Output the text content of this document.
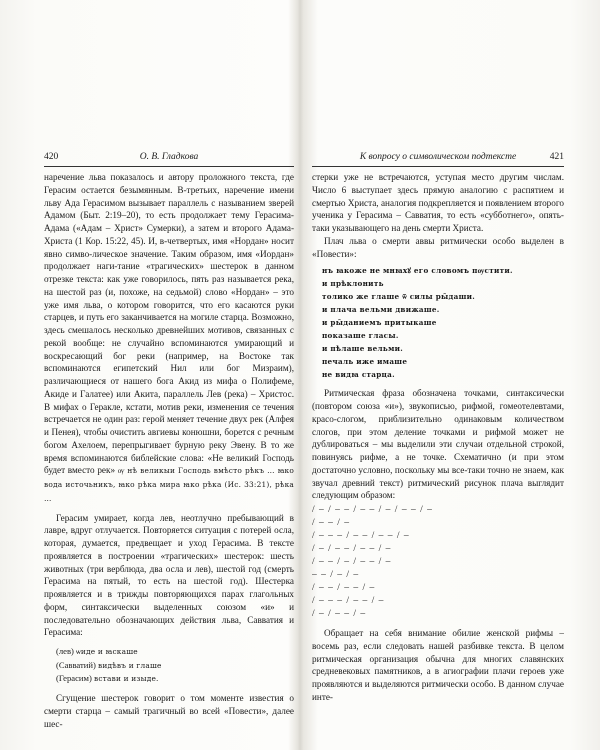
420	О. В. Гладкова

наречение льва показалось и автору проложного текста, где Герасим остается безымянным. В-третьих, наречение имени льву Ада Герасимом вызывает параллель с называнием зверей Адамом (Быт. 2:19–20), то есть продолжает тему Герасима-Адама («Адам – Христ» Сумерки), а затем и второго Адама-Христа (1 Кор. 15:22, 45). И, в-четвертых, имя «Нордан» носит явно симво-лическое значение. Таким образом, имя «Иордан» продолжает наги-тание «трагических» шестерок в данном отрезке текста: как уже говорилось, пять раз называется река, на шестой раз (и, похоже, на седьмой) слово «Нордан» – это уже имя льва, о котором говорится, что его касаются руки старцев, и путь его заканчивается на могиле старца. Возможно, здесь смешалось несколько древнейших мотивов, связанных с рекой вообще: не случайно вспоминаются умирающий и воскресающий бог реки (например, на Востоке так вспоминаются египетский Нил или бог Мизраим), различающиеся от нашего бога Акид из мифа о Полифеме, Акиде и Галатее) или Акита, параллель Лев (река) – Христос. В мифах о Геракле, кстати, мотив реки, изменения се течения встречается не один раз: герой меняет течение двух рек (Алфея и Пенея), чтобы очистить авгиевы конюшни, борется с речным богом Ахелоем, перепрыгивает бурную реку Эвену. В то же время вспоминаются библейские слова: «Не великий Господь будет вместо рек» ѹ нѣ великыи Господь вмѣсто рѣкъ … ꙗко вода источьникъ, ꙗко рѣка мира ꙗко рѣка (Ис. 33:21), рѣка …

Герасим умирает, когда лев, неотлучно пребывающий в лавре, вдруг отлучается. Повторяется ситуация с потерей осла, которая, думается, предвещает и уход Герасима. В тексте проявляется в построении «трагических» шестерок: шесть животных (три верблюда, два осла и лев), шестой год (смерть Герасима на пятый, то есть на шестой год). Шестерка проявляется и в трижды повторяющихся парах глагольных форм, синтаксически выделенных союзом «и» и последовательно обозначающих действия льва, Савватия и Герасима:

(лев) ѡиде и ꙗскаше
(Савватий) видѣвъ и глаше
(Герасим) встави и изыде.

Сгущение шестерок говорит о том моменте известия о смерти старца – самый трагичный во всей «Повести», далее шес-

К вопросу о символическом подтексте	421

стерки уже не встречаются, уступая место другим числам. Число 6 выступает здесь прямую аналогию с распятием и смертью Христа, аналогия подкрепляется и появлением второго ученика у Герасима – Савватия, то есть «субботнего», опять-таки указывающего на день смерти Христа.

Плач льва о смерти аввы ритмически особо выделен в «Повести»:

нъ ꙗкоже не мнꙗхꙋ его словомъ пѹстити.
и прѣклонить
толико же глаше ѿ силы ры̑даши.
и плача вельми движаше.
и ры̑даниемъ притыкаше
показаше гласы.
и пѣлаше вельми.
печаль иже имаше
не видꙗ старца.

Ритмическая фраза обозначена точками, синтаксически (повтором союза «и»), звукописью, рифмой, гомеотелевтами, красо-слогом, приблизительно одинаковым количеством слогов, при этом деление точками и рифмой может не дублироваться – мы выделили эти случаи отдельной строкой, повинуясь рифме, а не точке. Схематично (и при этом достаточно условно, поскольку мы все-таки точно не знаем, как звучал древний текст) ритмический рисунок плача выглядит следующим образом:

/ – / – – / – – / – / – – / –
/ – – / –
/ – – – / – – / – – / –
/ – / – – / – – / –
/ – – / – / – – / –
– – / – / –
/ – – / – – / –
/ – – – / – – / –
/ – / – – / –

Обращает на себя внимание обилие женской рифмы – восемь раз, если следовать нашей разбивке текста. В целом ритмическая организация обычна для многих славянских средневековых памятников, а в агиографии плачи героев уже проявляются и выделяются ритмически особо. В данном случае инте-
